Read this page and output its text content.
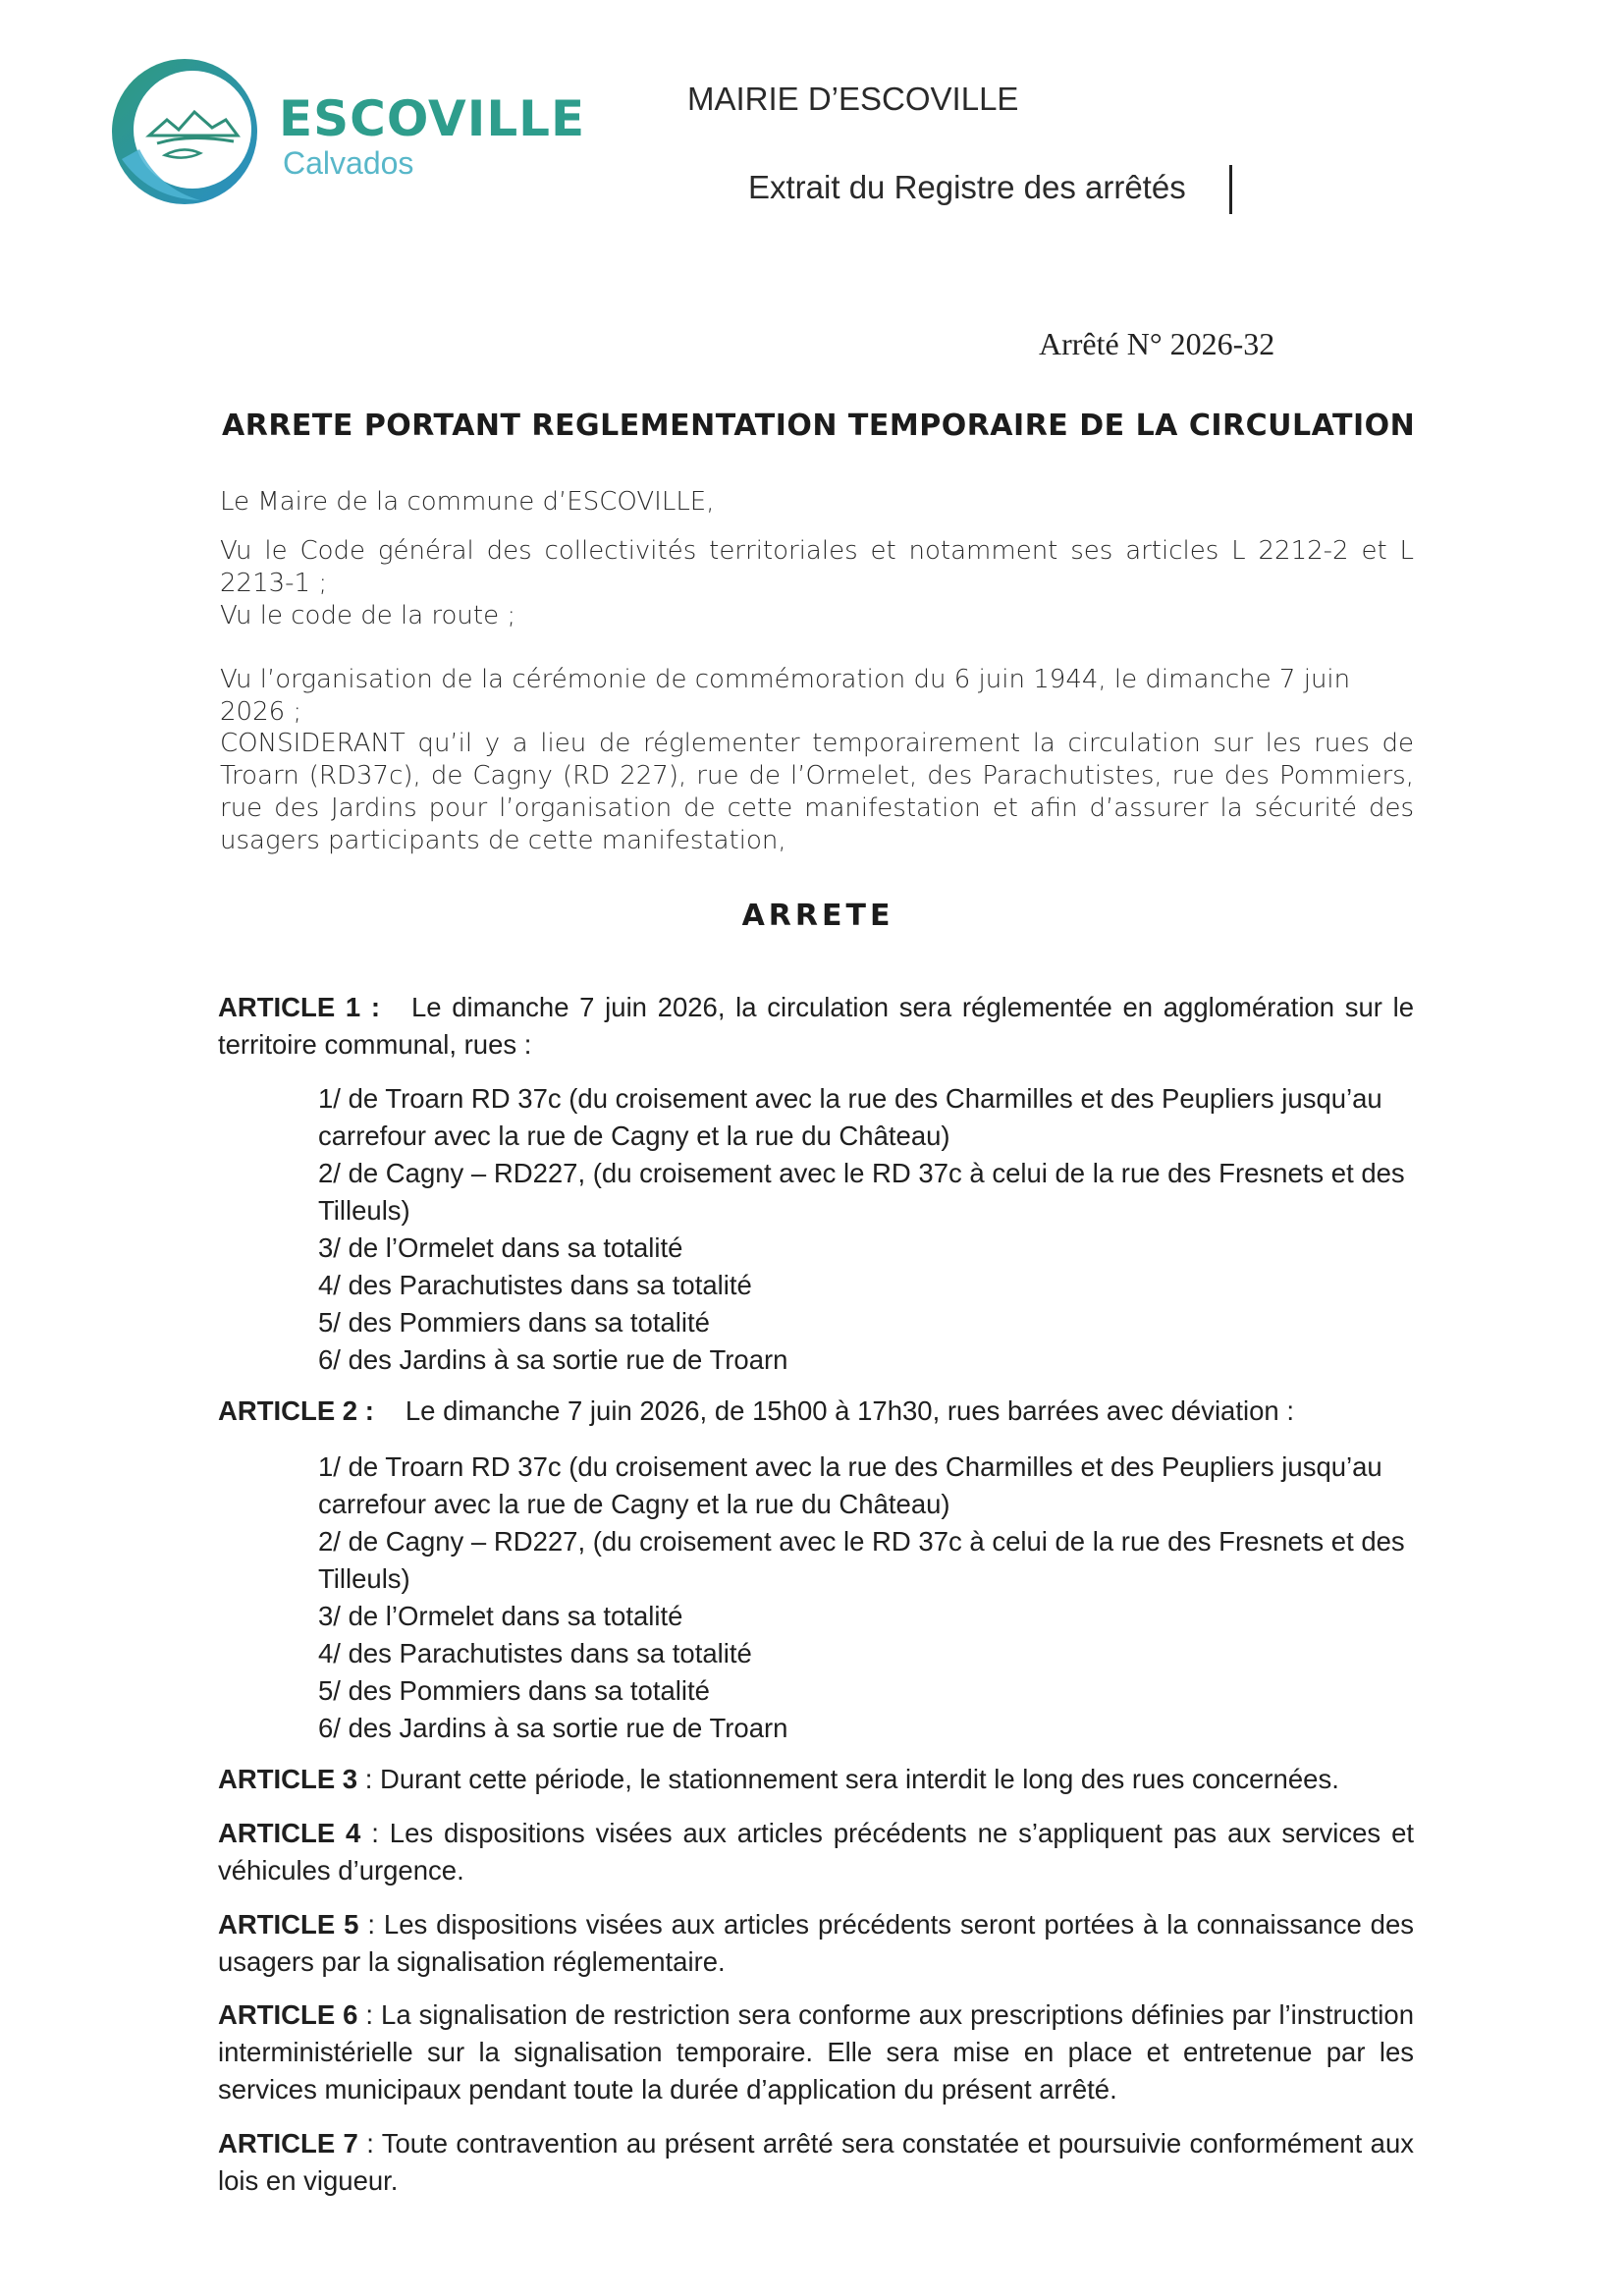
ESCOVILLE
Calvados
MAIRIE D’ESCOVILLE
Extrait du Registre des arrêtés
Arrêté N° 2026-32
ARRETE PORTANT REGLEMENTATION TEMPORAIRE DE LA CIRCULATION
Le Maire de la commune d’ESCOVILLE,
Vu le Code général des collectivités territoriales et notamment ses articles L 2212-2 et L 2213-1 ;
Vu le code de la route ;
Vu l’organisation de la cérémonie de commémoration du 6 juin 1944, le dimanche 7 juin 2026 ;
CONSIDERANT qu’il y a lieu de réglementer temporairement la circulation sur les rues de Troarn (RD37c), de Cagny (RD 227), rue de l’Ormelet, des Parachutistes, rue des Pommiers, rue des Jardins pour l’organisation de cette manifestation et afin d’assurer la sécurité des usagers participants de cette manifestation,
ARRETE
ARTICLE 1 : Le dimanche 7 juin 2026, la circulation sera réglementée en agglomération sur le territoire communal, rues :
1/ de Troarn RD 37c (du croisement avec la rue des Charmilles et des Peupliers jusqu’au carrefour avec la rue de Cagny et la rue du Château)
2/ de Cagny – RD227, (du croisement avec le RD 37c à celui de la rue des Fresnets et des Tilleuls)
3/ de l’Ormelet dans sa totalité
4/ des Parachutistes dans sa totalité
5/ des Pommiers dans sa totalité
6/ des Jardins à sa sortie rue de Troarn
ARTICLE 2 : Le dimanche 7 juin 2026, de 15h00 à 17h30, rues barrées avec déviation :
1/ de Troarn RD 37c (du croisement avec la rue des Charmilles et des Peupliers jusqu’au carrefour avec la rue de Cagny et la rue du Château)
2/ de Cagny – RD227, (du croisement avec le RD 37c à celui de la rue des Fresnets et des Tilleuls)
3/ de l’Ormelet dans sa totalité
4/ des Parachutistes dans sa totalité
5/ des Pommiers dans sa totalité
6/ des Jardins à sa sortie rue de Troarn
ARTICLE 3 : Durant cette période, le stationnement sera interdit le long des rues concernées.
ARTICLE 4 : Les dispositions visées aux articles précédents ne s’appliquent pas aux services et véhicules d’urgence.
ARTICLE 5 : Les dispositions visées aux articles précédents seront portées à la connaissance des usagers par la signalisation réglementaire.
ARTICLE 6 : La signalisation de restriction sera conforme aux prescriptions définies par l’instruction interministérielle sur la signalisation temporaire. Elle sera mise en place et entretenue par les services municipaux pendant toute la durée d’application du présent arrêté.
ARTICLE 7 : Toute contravention au présent arrêté sera constatée et poursuivie conformément aux lois en vigueur.
